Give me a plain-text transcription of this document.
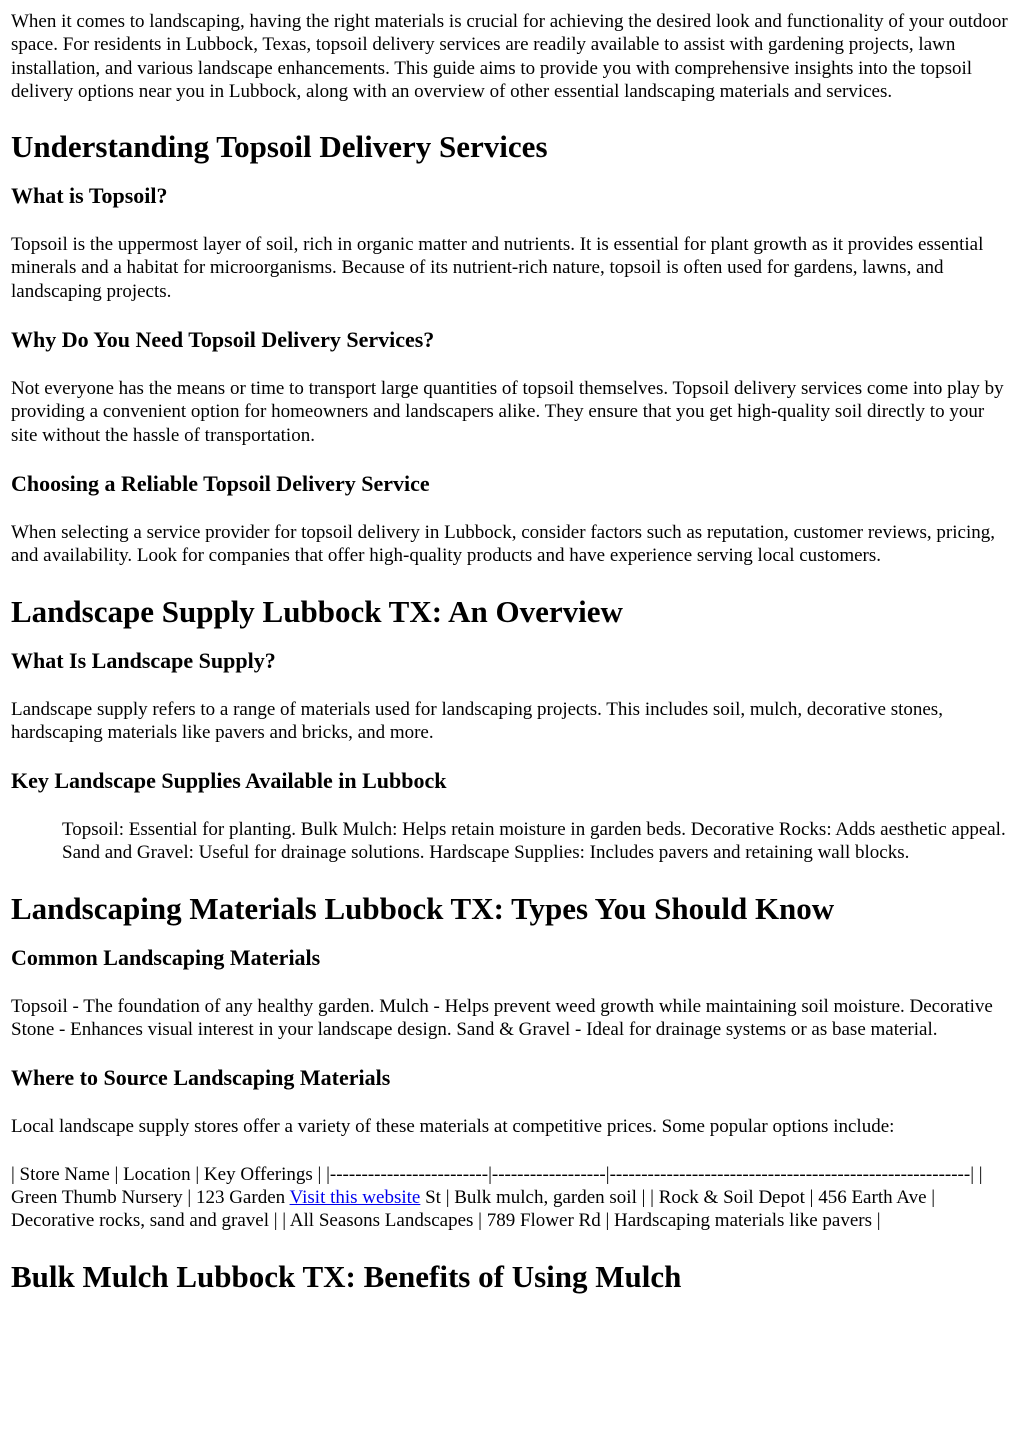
When it comes to landscaping, having the right materials is crucial for achieving the desired look and functionality of your outdoor space. For residents in Lubbock, Texas, topsoil delivery services are readily available to assist with gardening projects, lawn installation, and various landscape enhancements. This guide aims to provide you with comprehensive insights into the topsoil delivery options near you in Lubbock, along with an overview of other essential landscaping materials and services.

Understanding Topsoil Delivery Services
What is Topsoil?

Topsoil is the uppermost layer of soil, rich in organic matter and nutrients. It is essential for plant growth as it provides essential minerals and a habitat for microorganisms. Because of its nutrient-rich nature, topsoil is often used for gardens, lawns, and landscaping projects.

Why Do You Need Topsoil Delivery Services?

Not everyone has the means or time to transport large quantities of topsoil themselves. Topsoil delivery services come into play by providing a convenient option for homeowners and landscapers alike. They ensure that you get high-quality soil directly to your site without the hassle of transportation.

Choosing a Reliable Topsoil Delivery Service

When selecting a service provider for topsoil delivery in Lubbock, consider factors such as reputation, customer reviews, pricing, and availability. Look for companies that offer high-quality products and have experience serving local customers.

Landscape Supply Lubbock TX: An Overview
What Is Landscape Supply?

Landscape supply refers to a range of materials used for landscaping projects. This includes soil, mulch, decorative stones, hardscaping materials like pavers and bricks, and more.

Key Landscape Supplies Available in Lubbock
Topsoil: Essential for planting. Bulk Mulch: Helps retain moisture in garden beds. Decorative Rocks: Adds aesthetic appeal. Sand and Gravel: Useful for drainage solutions. Hardscape Supplies: Includes pavers and retaining wall blocks.
Landscaping Materials Lubbock TX: Types You Should Know
Common Landscaping Materials

Topsoil - The foundation of any healthy garden. Mulch - Helps prevent weed growth while maintaining soil moisture. Decorative Stone - Enhances visual interest in your landscape design. Sand & Gravel - Ideal for drainage systems or as base material.

Where to Source Landscaping Materials

Local landscape supply stores offer a variety of these materials at competitive prices. Some popular options include:

| Store Name | Location | Key Offerings | |-------------------------|------------------|---------------------------------------------------------| | Green Thumb Nursery | 123 Garden Visit this website St | Bulk mulch, garden soil | | Rock & Soil Depot | 456 Earth Ave | Decorative rocks, sand and gravel | | All Seasons Landscapes | 789 Flower Rd | Hardscaping materials like pavers |

Bulk Mulch Lubbock TX: Benefits of Using Mulch
